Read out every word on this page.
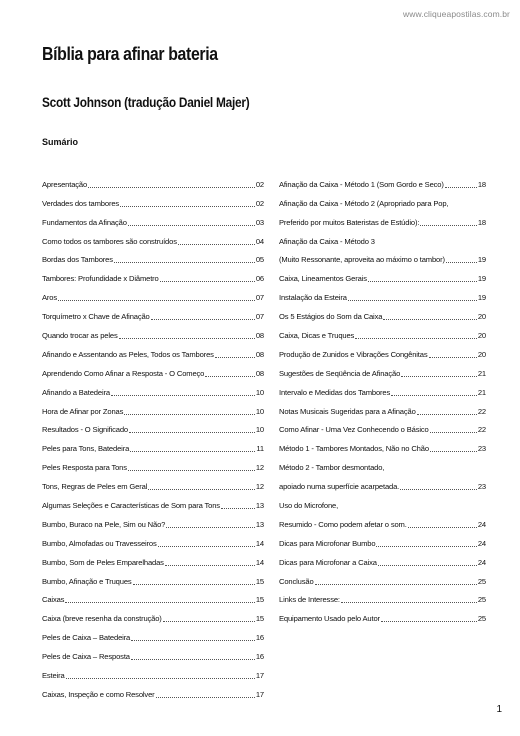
www.cliqueapostilas.com.br
Bíblia para afinar bateria
Scott Johnson (tradução Daniel Majer)
Sumário
Apresentação	02
Verdades dos tambores	02
Fundamentos da Afinação	03
Como todos os tambores são construídos	04
Bordas dos Tambores	05
Tambores: Profundidade x Diâmetro	06
Aros	07
Torquímetro x Chave de Afinação	07
Quando trocar as peles	08
Afinando e Assentando as Peles, Todos os Tambores	08
Aprendendo Como Afinar a Resposta - O Começo	08
Afinando a Batedeira	10
Hora de Afinar por Zonas	10
Resultados - O Significado	10
Peles para Tons, Batedeira	11
Peles Resposta para Tons	12
Tons, Regras de Peles em Geral	12
Algumas Seleções e Características de Som para Tons	13
Bumbo, Buraco na Pele, Sim ou Não?	13
Bumbo, Almofadas ou Travesseiros	14
Bumbo, Som de Peles Emparelhadas	14
Bumbo, Afinação e Truques	15
Caixas	15
Caixa (breve resenha da construção)	15
Peles de Caixa – Batedeira	16
Peles de Caixa – Resposta	16
Esteira	17
Caixas, Inspeção e como Resolver	17
Afinação da Caixa - Método 1 (Som Gordo e Seco)	18
Afinação da Caixa - Método 2 (Apropriado para Pop,
Preferido por muitos Bateristas de Estúdio):	18
Afinação da Caixa - Método 3
(Muito Ressonante, aproveita ao máximo o tambor)	19
Caixa, Lineamentos Gerais	19
Instalação da Esteira	19
Os 5 Estágios do Som da Caixa	20
Caixa, Dicas e Truques	20
Produção de Zunidos e Vibrações Congênitas	20
Sugestões de Seqüência de Afinação	21
Intervalo e Medidas dos Tambores	21
Notas Musicais Sugeridas para a Afinação	22
Como Afinar - Uma Vez Conhecendo o Básico	22
Método 1 - Tambores Montados, Não no Chão	23
Método 2 - Tambor desmontado,
apoiado numa superfície acarpetada.	23
Uso do Microfone,
Resumido - Como podem afetar o som.	24
Dicas para Microfonar Bumbo	24
Dicas para Microfonar a Caixa	24
Conclusão	25
Links de Interesse:	25
Equipamento Usado pelo Autor	25
1
